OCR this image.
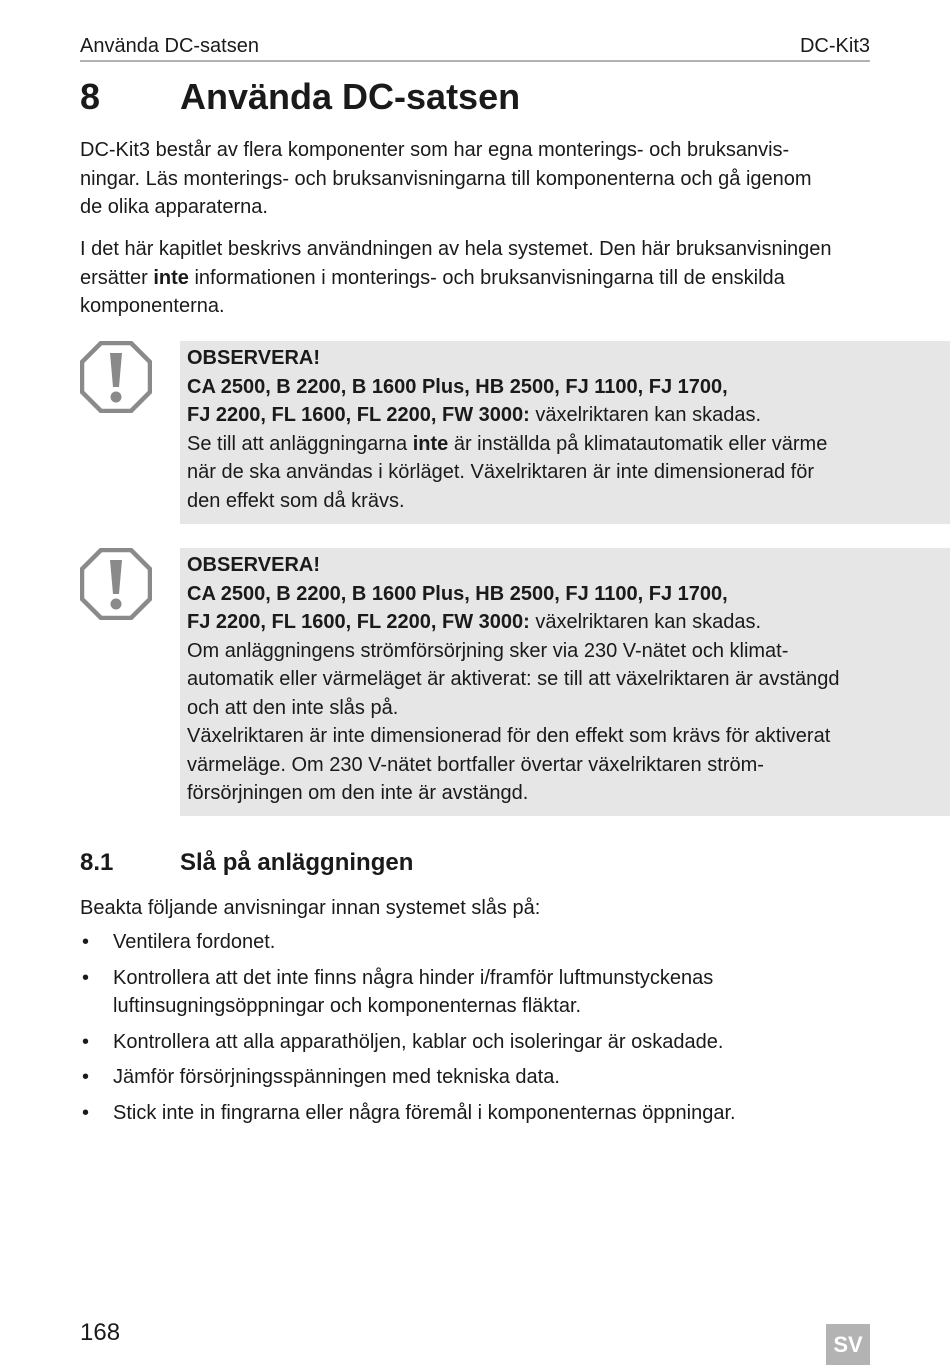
Använda DC-satsen	DC-Kit3
8 Använda DC-satsen

DC-Kit3 består av flera komponenter som har egna monterings- och bruksanvis-
ningar. Läs monterings- och bruksanvisningarna till komponenterna och gå igenom
de olika apparaterna.

I det här kapitlet beskrivs användningen av hela systemet. Den här bruksanvisningen
ersätter inte informationen i monterings- och bruksanvisningarna till de enskilda
komponenterna.

OBSERVERA!
CA 2500, B 2200, B 1600 Plus, HB 2500, FJ 1100, FJ 1700,
FJ 2200, FL 1600, FL 2200, FW 3000: växelriktaren kan skadas.
Se till att anläggningarna inte är inställda på klimatautomatik eller värme
när de ska användas i körläget. Växelriktaren är inte dimensionerad för
den effekt som då krävs.
OBSERVERA!
CA 2500, B 2200, B 1600 Plus, HB 2500, FJ 1100, FJ 1700,
FJ 2200, FL 1600, FL 2200, FW 3000: växelriktaren kan skadas.
Om anläggningens strömförsörjning sker via 230 V-nätet och klimat-
automatik eller värmeläget är aktiverat: se till att växelriktaren är avstängd
och att den inte slås på.
Växelriktaren är inte dimensionerad för den effekt som krävs för aktiverat
värmeläge. Om 230 V-nätet bortfaller övertar växelriktaren ström-
försörjningen om den inte är avstängd.
8.1	Slå på anläggningen

Beakta följande anvisningar innan systemet slås på:

• Ventilera fordonet.
• Kontrollera att det inte finns några hinder i/framför luftmunstyckenas luftinsugningsöppningar och komponenternas fläktar.
• Kontrollera att alla apparathöljen, kablar och isoleringar är oskadade.
• Jämför försörjningsspänningen med tekniska data.
• Stick inte in fingrarna eller några föremål i komponenternas öppningar.
168	SV
